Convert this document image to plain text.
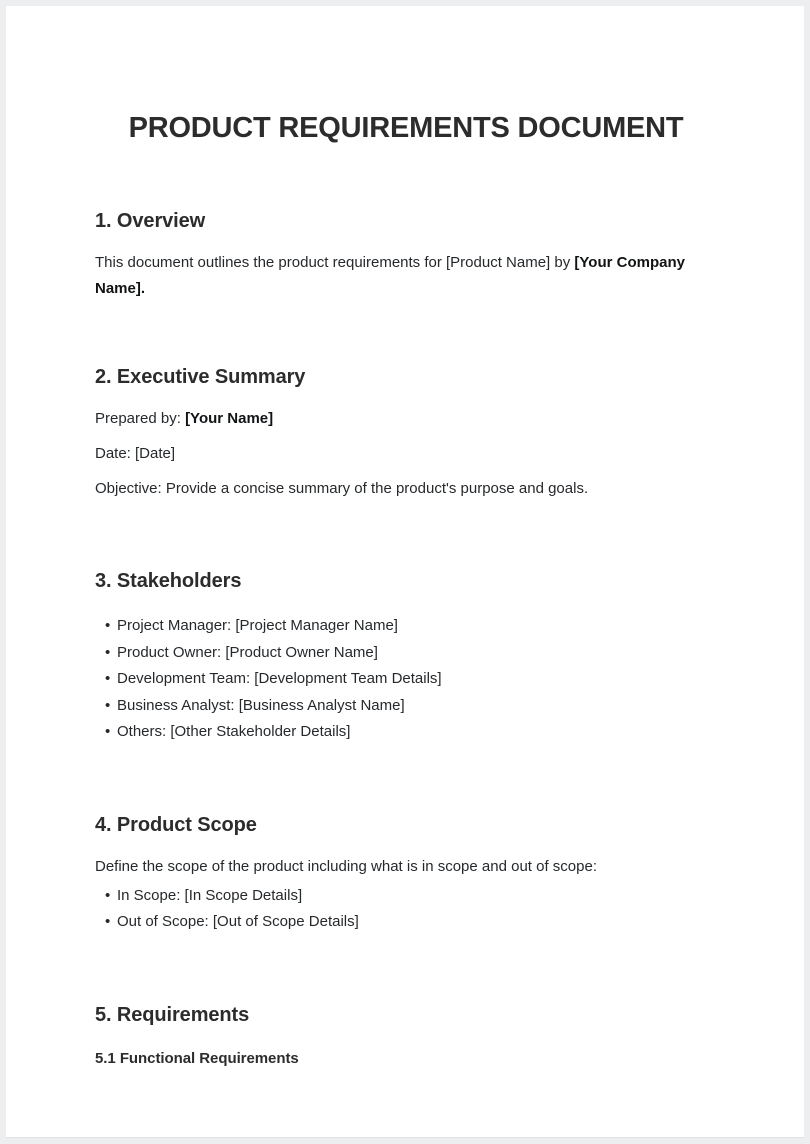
PRODUCT REQUIREMENTS DOCUMENT
1. Overview

This document outlines the product requirements for [Product Name] by [Your Company Name].

2. Executive Summary

Prepared by: [Your Name]

Date: [Date]

Objective: Provide a concise summary of the product's purpose and goals.

3. Stakeholders
• Project Manager: [Project Manager Name]
• Product Owner: [Product Owner Name]
• Development Team: [Development Team Details]
• Business Analyst: [Business Analyst Name]
• Others: [Other Stakeholder Details]
4. Product Scope

Define the scope of the product including what is in scope and out of scope:

• In Scope: [In Scope Details]
• Out of Scope: [Out of Scope Details]
5. Requirements
5.1 Functional Requirements
